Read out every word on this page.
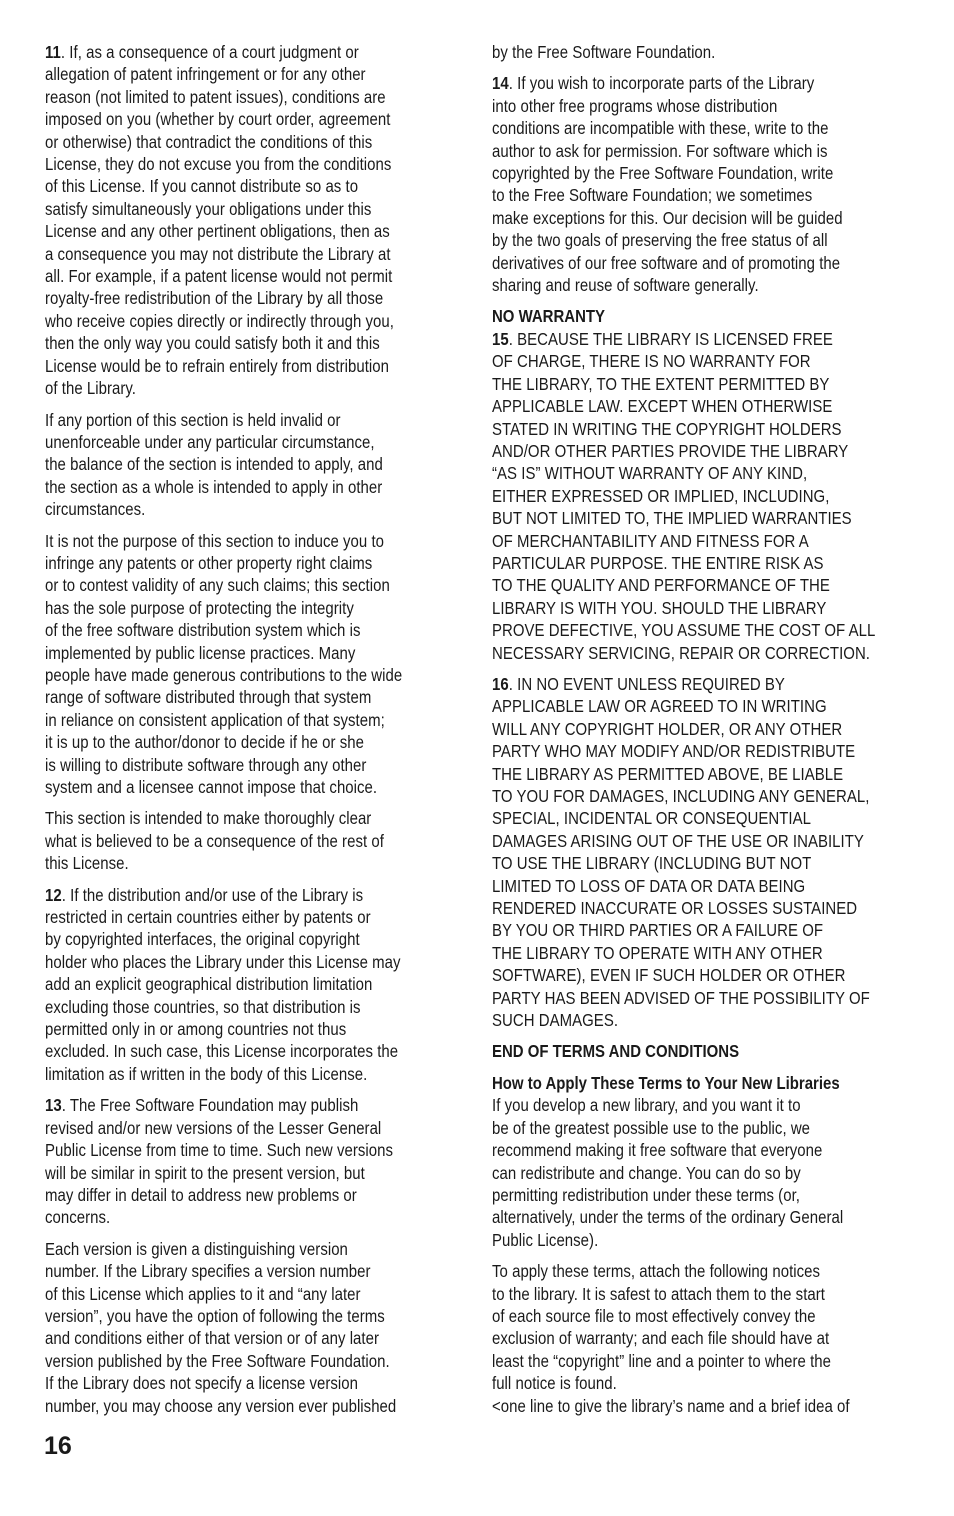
11. If, as a consequence of a court judgment or
allegation of patent infringement or for any other
reason (not limited to patent issues), conditions are
imposed on you (whether by court order, agreement
or otherwise) that contradict the conditions of this
License, they do not excuse you from the conditions
of this License. If you cannot distribute so as to
satisfy simultaneously your obligations under this
License and any other pertinent obligations, then as
a consequence you may not distribute the Library at
all. For example, if a patent license would not permit
royalty-free redistribution of the Library by all those
who receive copies directly or indirectly through you,
then the only way you could satisfy both it and this
License would be to refrain entirely from distribution
of the Library.
If any portion of this section is held invalid or
unenforceable under any particular circumstance,
the balance of the section is intended to apply, and
the section as a whole is intended to apply in other
circumstances.
It is not the purpose of this section to induce you to
infringe any patents or other property right claims
or to contest validity of any such claims; this section
has the sole purpose of protecting the integrity
of the free software distribution system which is
implemented by public license practices. Many
people have made generous contributions to the wide
range of software distributed through that system
in reliance on consistent application of that system;
it is up to the author/donor to decide if he or she
is willing to distribute software through any other
system and a licensee cannot impose that choice.
This section is intended to make thoroughly clear
what is believed to be a consequence of the rest of
this License.
12. If the distribution and/or use of the Library is
restricted in certain countries either by patents or
by copyrighted interfaces, the original copyright
holder who places the Library under this License may
add an explicit geographical distribution limitation
excluding those countries, so that distribution is
permitted only in or among countries not thus
excluded. In such case, this License incorporates the
limitation as if written in the body of this License.
13. The Free Software Foundation may publish
revised and/or new versions of the Lesser General
Public License from time to time. Such new versions
will be similar in spirit to the present version, but
may differ in detail to address new problems or
concerns.
Each version is given a distinguishing version
number. If the Library specifies a version number
of this License which applies to it and “any later
version”, you have the option of following the terms
and conditions either of that version or of any later
version published by the Free Software Foundation.
If the Library does not specify a license version
number, you may choose any version ever published
by the Free Software Foundation.
14. If you wish to incorporate parts of the Library
into other free programs whose distribution
conditions are incompatible with these, write to the
author to ask for permission. For software which is
copyrighted by the Free Software Foundation, write
to the Free Software Foundation; we sometimes
make exceptions for this. Our decision will be guided
by the two goals of preserving the free status of all
derivatives of our free software and of promoting the
sharing and reuse of software generally.
NO WARRANTY
15. BECAUSE THE LIBRARY IS LICENSED FREE
OF CHARGE, THERE IS NO WARRANTY FOR
THE LIBRARY, TO THE EXTENT PERMITTED BY
APPLICABLE LAW. EXCEPT WHEN OTHERWISE
STATED IN WRITING THE COPYRIGHT HOLDERS
AND/OR OTHER PARTIES PROVIDE THE LIBRARY
“AS IS” WITHOUT WARRANTY OF ANY KIND,
EITHER EXPRESSED OR IMPLIED, INCLUDING,
BUT NOT LIMITED TO, THE IMPLIED WARRANTIES
OF MERCHANTABILITY AND FITNESS FOR A
PARTICULAR PURPOSE. THE ENTIRE RISK AS
TO THE QUALITY AND PERFORMANCE OF THE
LIBRARY IS WITH YOU. SHOULD THE LIBRARY
PROVE DEFECTIVE, YOU ASSUME THE COST OF ALL
NECESSARY SERVICING, REPAIR OR CORRECTION.
16. IN NO EVENT UNLESS REQUIRED BY
APPLICABLE LAW OR AGREED TO IN WRITING
WILL ANY COPYRIGHT HOLDER, OR ANY OTHER
PARTY WHO MAY MODIFY AND/OR REDISTRIBUTE
THE LIBRARY AS PERMITTED ABOVE, BE LIABLE
TO YOU FOR DAMAGES, INCLUDING ANY GENERAL,
SPECIAL, INCIDENTAL OR CONSEQUENTIAL
DAMAGES ARISING OUT OF THE USE OR INABILITY
TO USE THE LIBRARY (INCLUDING BUT NOT
LIMITED TO LOSS OF DATA OR DATA BEING
RENDERED INACCURATE OR LOSSES SUSTAINED
BY YOU OR THIRD PARTIES OR A FAILURE OF
THE LIBRARY TO OPERATE WITH ANY OTHER
SOFTWARE), EVEN IF SUCH HOLDER OR OTHER
PARTY HAS BEEN ADVISED OF THE POSSIBILITY OF
SUCH DAMAGES.
END OF TERMS AND CONDITIONS
How to Apply These Terms to Your New Libraries
If you develop a new library, and you want it to
be of the greatest possible use to the public, we
recommend making it free software that everyone
can redistribute and change. You can do so by
permitting redistribution under these terms (or,
alternatively, under the terms of the ordinary General
Public License).
To apply these terms, attach the following notices
to the library. It is safest to attach them to the start
of each source file to most effectively convey the
exclusion of warranty; and each file should have at
least the “copyright” line and a pointer to where the
full notice is found.
<one line to give the library’s name and a brief idea of
16
